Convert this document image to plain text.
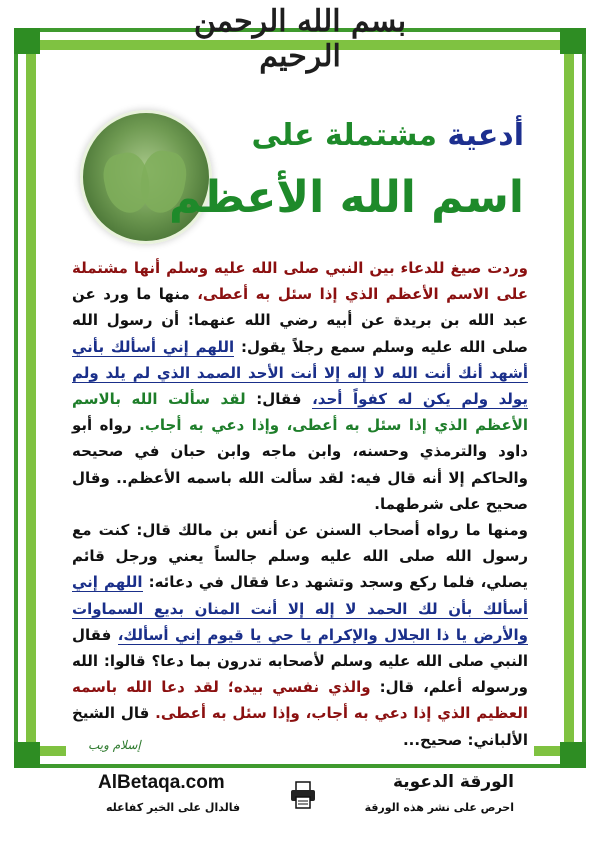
بسم الله الرحمن الرحيم
أدعية مشتملة على
اسم الله الأعظم

وردت صيغ للدعاء بين النبي صلى الله عليه وسلم أنها مشتملة على الاسم الأعظم الذي إذا سئل به أعطى، منها ما ورد عن عبد الله بن بريدة عن أبيه رضي الله عنهما: أن رسول الله صلى الله عليه وسلم سمع رجلاً يقول: اللهم إني أسألك بأني أشهد أنك أنت الله لا إله إلا أنت الأحد الصمد الذي لم يلد ولم يولد ولم يكن له كفواً أحد، فقال: لقد سألت الله بالاسم الأعظم الذي إذا سئل به أعطى، وإذا دعي به أجاب. رواه أبو داود والترمذي وحسنه، وابن ماجه وابن حبان في صحيحه والحاكم إلا أنه قال فيه: لقد سألت الله باسمه الأعظم.. وقال صحيح على شرطهما.

ومنها ما رواه أصحاب السنن عن أنس بن مالك قال: كنت مع رسول الله صلى الله عليه وسلم جالساً يعني ورجل قائم يصلي، فلما ركع وسجد وتشهد دعا فقال في دعائه: اللهم إني أسألك بأن لك الحمد لا إله إلا أنت المنان بديع السماوات والأرض يا ذا الجلال والإكرام يا حي يا قيوم إني أسألك، فقال النبي صلى الله عليه وسلم لأصحابه تدرون بما دعا؟ قالوا: الله ورسوله أعلم، قال: والذي نفسي بيده؛ لقد دعا الله باسمه العظيم الذي إذا دعي به أجاب، وإذا سئل به أعطى. قال الشيخ الألباني: صحيح...

إسلام ويب
AlBetaqa.com
فالدال على الخير كفاعله
الورقة الدعوية
احرص على نشر هذه الورقة
